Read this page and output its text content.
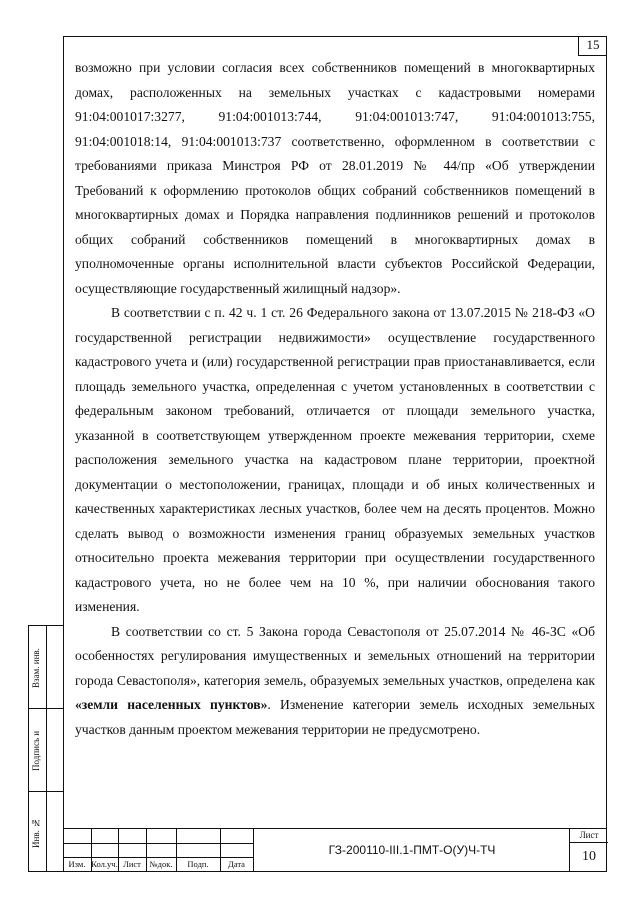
15

возможно при условии согласия всех собственников помещений в многоквартирных домах, расположенных на земельных участках с кадастровыми номерами 91:04:001017:3277, 91:04:001013:744, 91:04:001013:747, 91:04:001013:755, 91:04:001018:14, 91:04:001013:737 соответственно, оформленном в соответствии с требованиями приказа Минстроя РФ от 28.01.2019 № 44/пр «Об утверждении Требований к оформлению протоколов общих собраний собственников помещений в многоквартирных домах и Порядка направления подлинников решений и протоколов общих собраний собственников помещений в многоквартирных домах в уполномоченные органы исполнительной власти субъектов Российской Федерации, осуществляющие государственный жилищный надзор».

В соответствии с п. 42 ч. 1 ст. 26 Федерального закона от 13.07.2015 № 218-ФЗ «О государственной регистрации недвижимости» осуществление государственного кадастрового учета и (или) государственной регистрации прав приостанавливается, если площадь земельного участка, определенная с учетом установленных в соответствии с федеральным законом требований, отличается от площади земельного участка, указанной в соответствующем утвержденном проекте межевания территории, схеме расположения земельного участка на кадастровом плане территории, проектной документации о местоположении, границах, площади и об иных количественных и качественных характеристиках лесных участков, более чем на десять процентов. Можно сделать вывод о возможности изменения границ образуемых земельных участков относительно проекта межевания территории при осуществлении государственного кадастрового учета, но не более чем на 10 %, при наличии обоснования такого изменения.

В соответствии со ст. 5 Закона города Севастополя от 25.07.2014 № 46-ЗС «Об особенностях регулирования имущественных и земельных отношений на территории города Севастополя», категория земель, образуемых земельных участков, определена как «земли населенных пунктов». Изменение категории земель исходных земельных участков данным проектом межевания территории не предусмотрено.

Взам. инв.
Подпись и
Инв. №
Изм. Кол.уч. Лист	№док.	Подп.	Дата
ГЗ-200110-III.1-ПМТ-О(У)Ч-ТЧ
Лист
10
